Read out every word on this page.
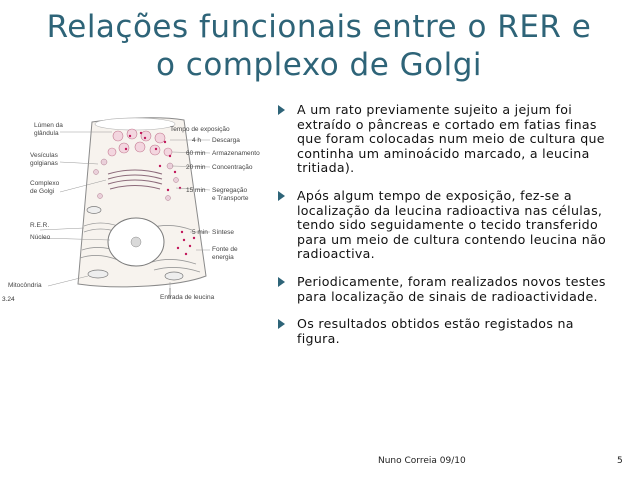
Relações funcionais entre o RER e
o complexo de Golgi
Lúmen da
glândula
Vesículas
golgianas
Complexo
de Golgi
R.E.R.
Núcleo
Mitocôndria
3.24
Tempo de exposição
4 h Descarga
60 min Armazenamento
20 min Concentração
15 min Segregação
e Transporte
5 min Síntese
Fonte de
energia
Entrada de leucina
A um rato previamente sujeito a jejum foi extraído o pâncreas e cortado em fatias finas que foram colocadas num meio de cultura que continha um aminoácido marcado, a leucina tritiada).
Após algum tempo de exposição, fez-se a localização da leucina radioactiva nas células, tendo sido seguidamente o tecido transferido para um meio de cultura contendo leucina não radioactiva.
Periodicamente, foram realizados novos testes para localização de sinais de radioactividade.
Os resultados obtidos estão registados na figura.
Nuno Correia 09/10	5
